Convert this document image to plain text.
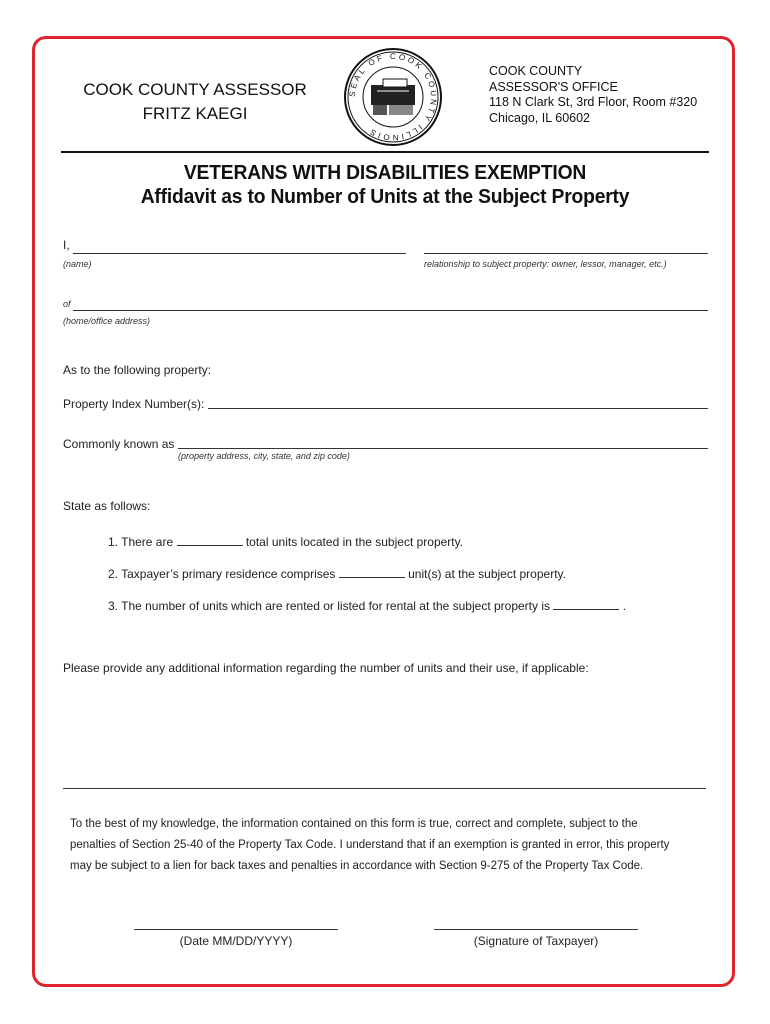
COOK COUNTY ASSESSOR
FRITZ KAEGI
SEAL OF COOK COUNTY ILLINOIS
COOK COUNTY
ASSESSOR'S OFFICE
118 N Clark St, 3rd Floor, Room #320
Chicago, IL 60602
VETERANS WITH DISABILITIES EXEMPTION
Affidavit as to Number of Units at the Subject Property
I,
(name)	relationship to subject property: owner, lessor, manager, etc.)
of
(home/office address)
As to the following property:
Property Index Number(s):
Commonly known as
(property address, city, state, and zip code)
State as follows:
1. There are	total units located in the subject property.
2. Taxpayer’s primary residence comprises	unit(s) at the subject property.
3. The number of units which are rented or listed for rental at the subject property is	.
Please provide any additional information regarding the number of units and their use, if applicable:
To the best of my knowledge, the information contained on this form is true, correct and complete, subject to the
penalties of Section 25-40 of the Property Tax Code. I understand that if an exemption is granted in error, this property
may be subject to a lien for back taxes and penalties in accordance with Section 9-275 of the Property Tax Code.
(Date MM/DD/YYYY)	(Signature of Taxpayer)
